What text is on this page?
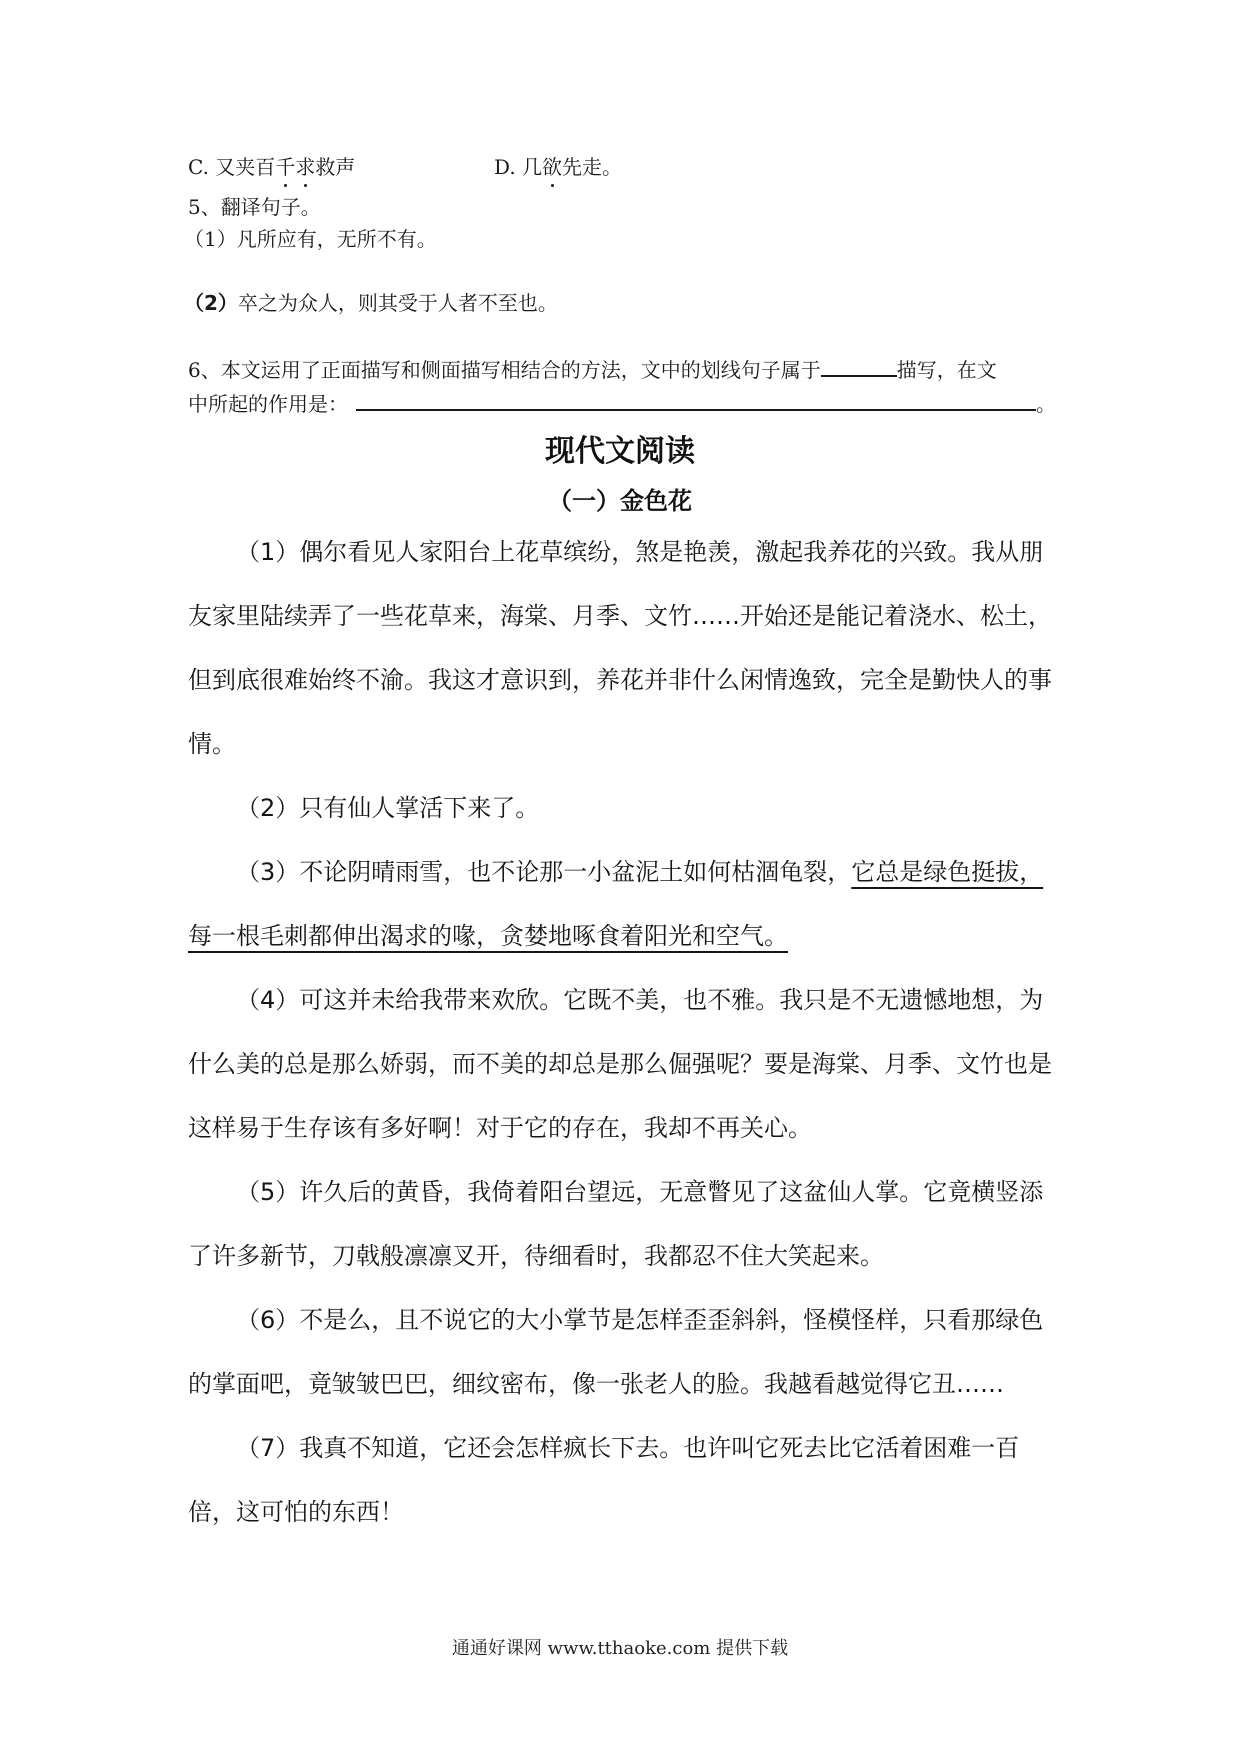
C. 又夹百千求救声	D. 几欲先走。
5、翻译句子。
（1）凡所应有，无所不有。
（2）卒之为众人，则其受于人者不至也。
6、本文运用了正面描写和侧面描写相结合的方法，文中的划线句子属于	描写，在文
中所起的作用是：	。
现代文阅读
（一）金色花
（1）偶尔看见人家阳台上花草缤纷，煞是艳羡，激起我养花的兴致。我从朋友家里陆续弄了一些花草来，海棠、月季、文竹……开始还是能记着浇水、松土，但到底很难始终不渝。我这才意识到，养花并非什么闲情逸致，完全是勤快人的事情。
（2）只有仙人掌活下来了。
（3）不论阴晴雨雪，也不论那一小盆泥土如何枯涸龟裂，它总是绿色挺拔，每一根毛刺都伸出渴求的喙，贪婪地啄食着阳光和空气。
（4）可这并未给我带来欢欣。它既不美，也不雅。我只是不无遗憾地想，为什么美的总是那么娇弱，而不美的却总是那么倔强呢？要是海棠、月季、文竹也是这样易于生存该有多好啊！对于它的存在，我却不再关心。
（5）许久后的黄昏，我倚着阳台望远，无意瞥见了这盆仙人掌。它竟横竖添了许多新节，刀戟般凛凛叉开，待细看时，我都忍不住大笑起来。
（6）不是么，且不说它的大小掌节是怎样歪歪斜斜，怪模怪样，只看那绿色的掌面吧，竟皱皱巴巴，细纹密布，像一张老人的脸。我越看越觉得它丑……
（7）我真不知道，它还会怎样疯长下去。也许叫它死去比它活着困难一百倍，这可怕的东西！
通通好课网 www.tthaoke.com 提供下载
